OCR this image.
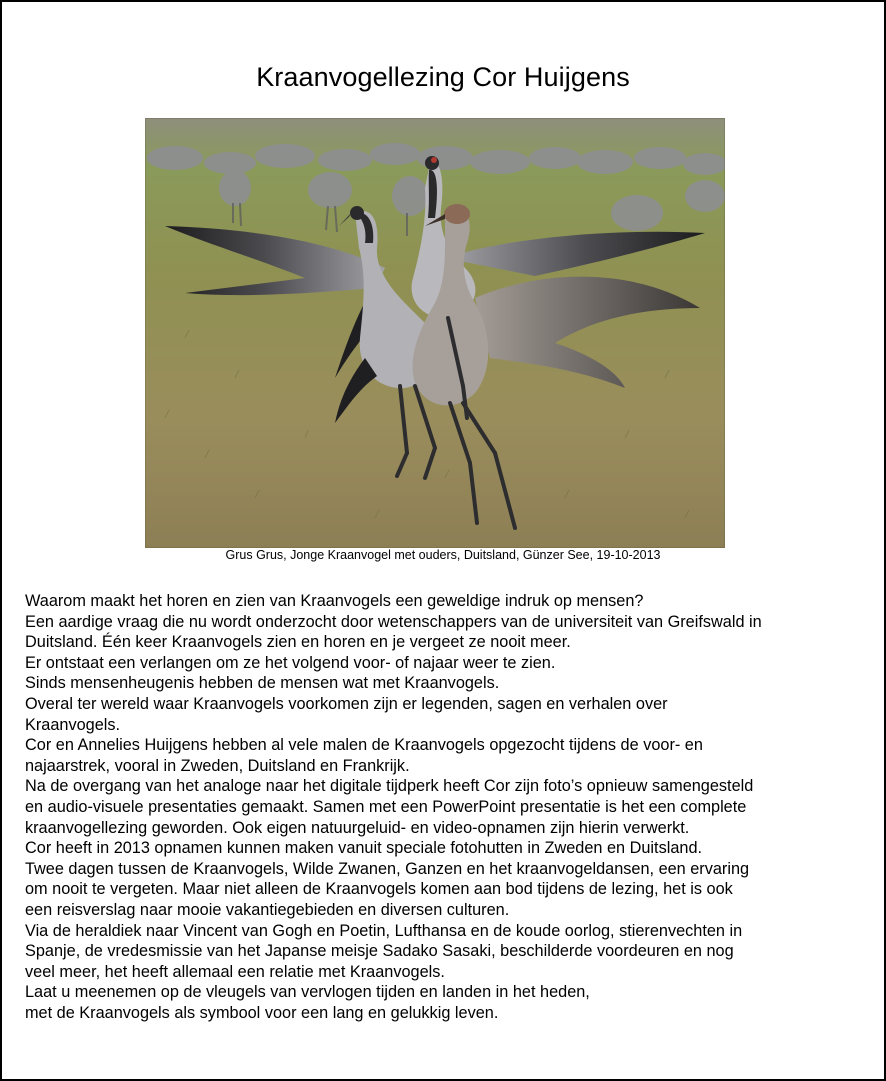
Kraanvogellezing Cor Huijgens
Grus Grus, Jonge Kraanvogel met ouders, Duitsland, Günzer See, 19-10-2013
Waarom maakt het horen en zien van Kraanvogels een geweldige indruk op mensen?
Een aardige vraag die nu wordt onderzocht door wetenschappers van de universiteit van Greifswald in
Duitsland. Één keer Kraanvogels zien en horen en je vergeet ze nooit meer.
Er ontstaat een verlangen om ze het volgend voor- of najaar weer te zien.
Sinds mensenheugenis hebben de mensen wat met Kraanvogels.
Overal ter wereld waar Kraanvogels voorkomen zijn er legenden, sagen en verhalen over
Kraanvogels.
Cor en Annelies Huijgens hebben al vele malen de Kraanvogels opgezocht tijdens de voor- en
najaarstrek, vooral in Zweden, Duitsland en Frankrijk.
Na de overgang van het analoge naar het digitale tijdperk heeft Cor zijn foto’s opnieuw samengesteld
en audio-visuele presentaties gemaakt. Samen met een PowerPoint presentatie is het een complete
kraanvogellezing geworden. Ook eigen natuurgeluid- en video-opnamen zijn hierin verwerkt.
Cor heeft in 2013 opnamen kunnen maken vanuit speciale fotohutten in Zweden en Duitsland.
Twee dagen tussen de Kraanvogels, Wilde Zwanen, Ganzen en het kraanvogeldansen, een ervaring
om nooit te vergeten. Maar niet alleen de Kraanvogels komen aan bod tijdens de lezing, het is ook
een reisverslag naar mooie vakantiegebieden en diversen culturen.
Via de heraldiek naar Vincent van Gogh en Poetin, Lufthansa en de koude oorlog, stierenvechten in
Spanje, de vredesmissie van het Japanse meisje Sadako Sasaki, beschilderde voordeuren en nog
veel meer, het heeft allemaal een relatie met Kraanvogels.
Laat u meenemen op de vleugels van vervlogen tijden en landen in het heden,
met de Kraanvogels als symbool voor een lang en gelukkig leven.
